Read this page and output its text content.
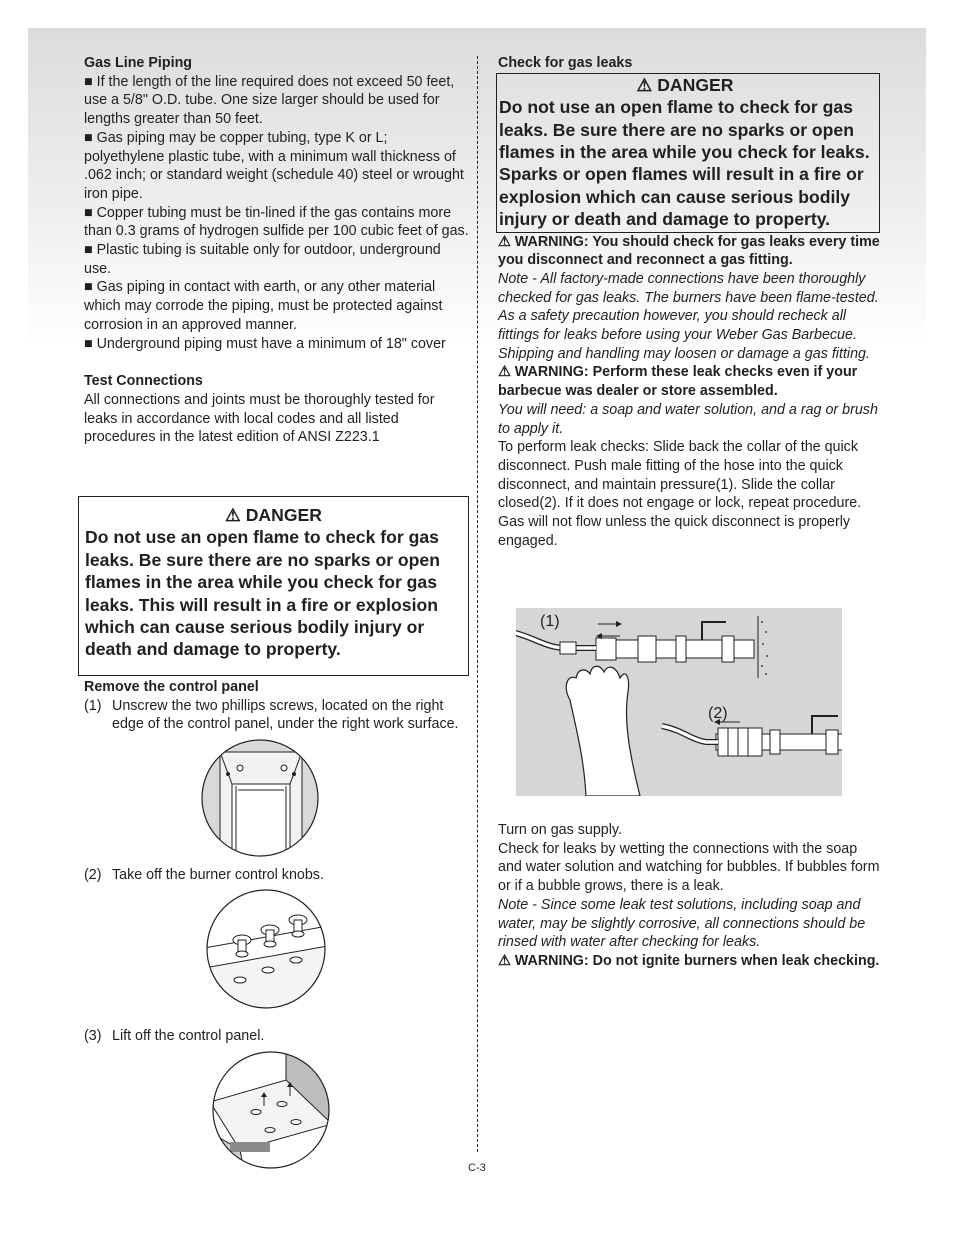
Gas Line Piping

■ If the length of the line required does not exceed 50 feet, use a 5/8" O.D. tube. One size larger should be used for lengths greater than 50 feet.

■ Gas piping may be copper tubing, type K or L; polyethylene plastic tube, with a minimum wall thickness of .062 inch; or standard weight (schedule 40) steel or wrought iron pipe.

■ Copper tubing must be tin-lined if the gas contains more than 0.3 grams of hydrogen sulfide per 100 cubic feet of gas.

■ Plastic tubing is suitable only for outdoor, underground use.

■ Gas piping in contact with earth, or any other material which may corrode the piping, must be protected against corrosion in an approved manner.

■ Underground piping must have a minimum of 18" cover

Test Connections

All connections and joints must be thoroughly tested for leaks in accordance with local codes and all listed procedures in the latest edition of ANSI Z223.1

⚠ DANGER
Do not use an open flame to check for gas leaks. Be sure there are no sparks or open flames in the area while you check for gas leaks. This will result in a fire or explosion which can cause serious bodily injury or death and damage to property.

Remove the control panel

(1) Unscrew the two phillips screws, located on the right edge of the control panel, under the right work surface.
(2) Take off the burner control knobs.
(3) Lift off the control panel.

Check for gas leaks

⚠ DANGER
Do not use an open flame to check for gas leaks. Be sure there are no sparks or open flames in the area while you check for leaks. Sparks or open flames will result in a fire or explosion which can cause serious bodily injury or death and damage to property.

⚠ WARNING: You should check for gas leaks every time you disconnect and reconnect a gas fitting.

Note - All factory-made connections have been thoroughly checked for gas leaks. The burners have been flame-tested. As a safety precaution however, you should recheck all fittings for leaks before using your Weber Gas Barbecue. Shipping and handling may loosen or damage a gas fitting.

⚠ WARNING: Perform these leak checks even if your barbecue was dealer or store assembled.

You will need: a soap and water solution, and a rag or brush to apply it.

To perform leak checks: Slide back the collar of the quick disconnect. Push male fitting of the hose into the quick disconnect, and maintain pressure(1). Slide the collar closed(2). If it does not engage or lock, repeat procedure. Gas will not flow unless the quick disconnect is properly engaged.

(1)
(2)

Turn on gas supply.

Check for leaks by wetting the connections with the soap and water solution and watching for bubbles. If bubbles form or if a bubble grows, there is a leak.

Note - Since some leak test solutions, including soap and water, may be slightly corrosive, all connections should be rinsed with water after checking for leaks.

⚠ WARNING: Do not ignite burners when leak checking.

C-3
